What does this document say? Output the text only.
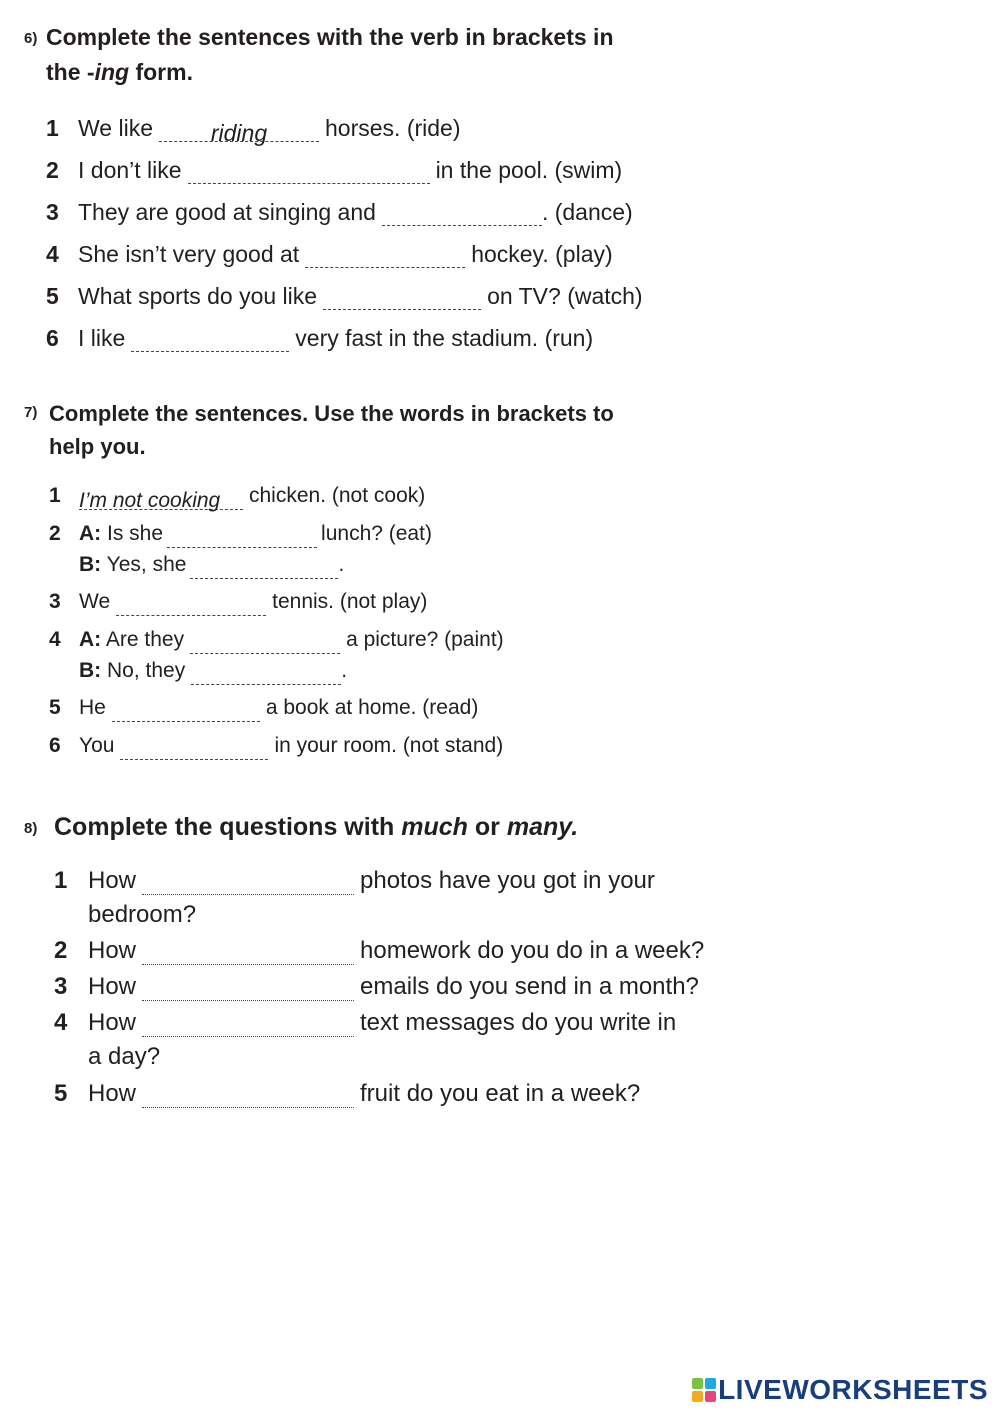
6) Complete the sentences with the verb in brackets in
the -ing form.
1 We like	riding	horses. (ride)
2 I don’t like	in the pool. (swim)
3 They are good at singing and	. (dance)
4 She isn’t very good at	hockey. (play)
5 What sports do you like	on TV? (watch)
6 I like	very fast in the stadium. (run)
7) Complete the sentences. Use the words in brackets to
help you.
1 I’m not cooking chicken. (not cook)
2 A: Is she	lunch? (eat)
B: Yes, she	.
3 We	tennis. (not play)
4 A: Are they	a picture? (paint)
B: No, they	.
5 He	a book at home. (read)
6 You	in your room. (not stand)
8) Complete the questions with much or many.
1 How	photos have you got in your
bedroom?
2 How	homework do you do in a week?
3 How	emails do you send in a month?
4 How	text messages do you write in
a day?
5 How	fruit do you eat in a week?
LIVEWORKSHEETS
